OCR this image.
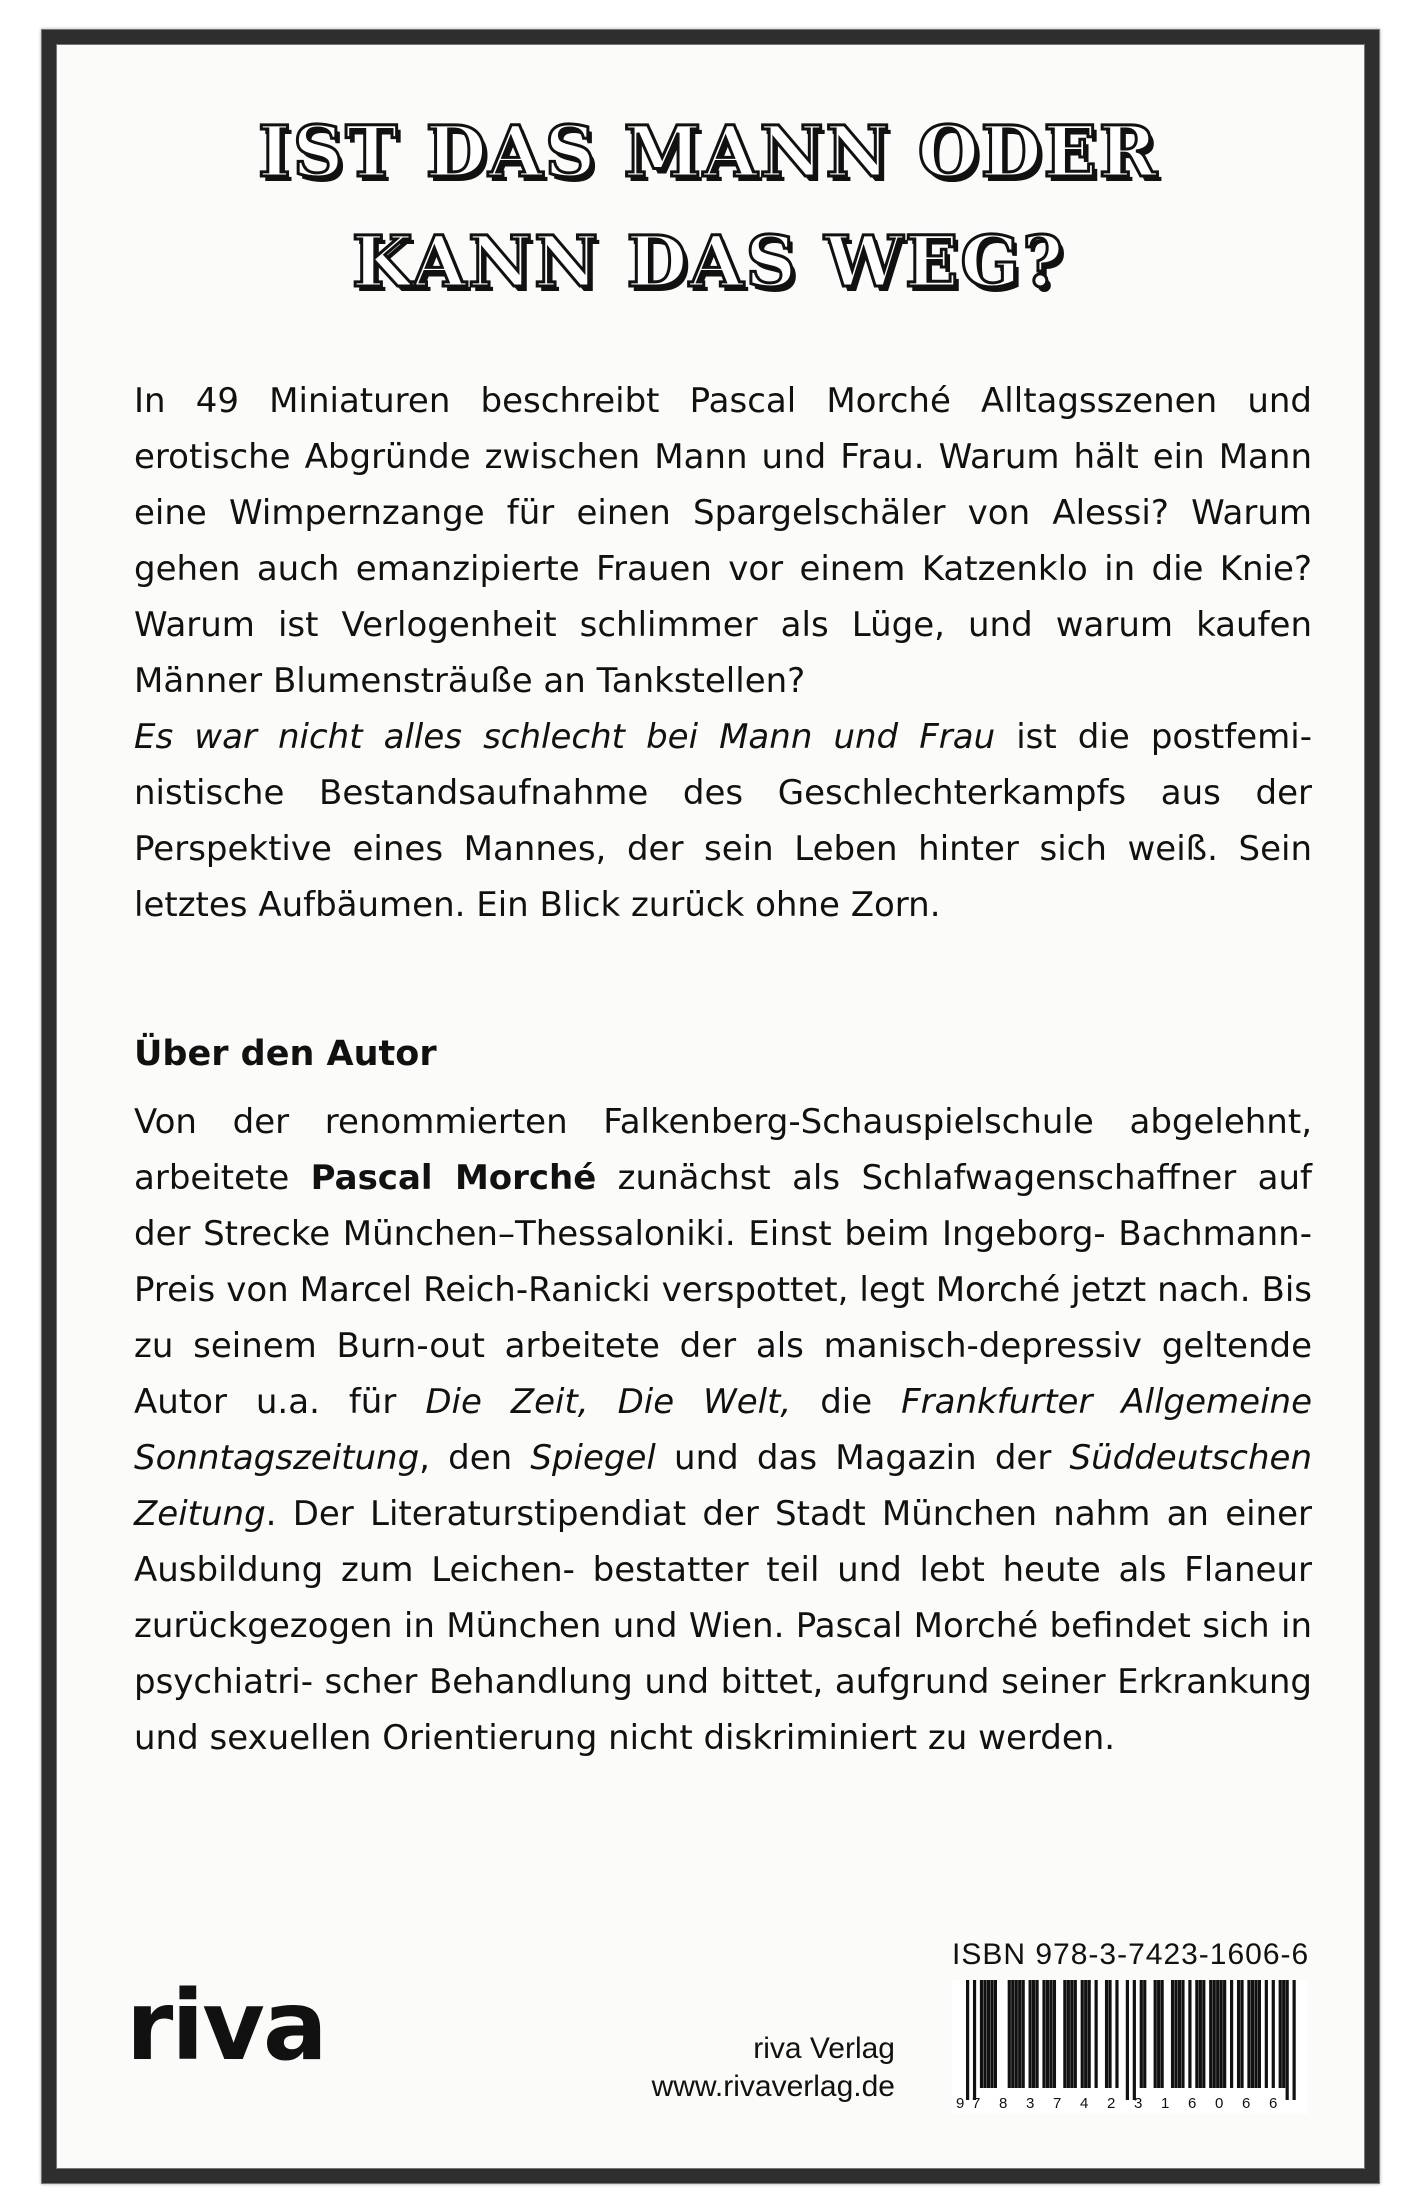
IST DAS MANN ODER
KANN DAS WEG?
In 49 Miniaturen beschreibt Pascal Morché Alltagsszenen und erotische Abgründe zwischen Mann und Frau. Warum hält ein Mann eine Wimpernzange für einen Spargelschäler von Alessi? Warum gehen auch emanzipierte Frauen vor einem Katzenklo in die Knie? Warum ist Verlogenheit schlimmer als Lüge, und warum kaufen Männer Blumensträuße an Tankstellen?
Es war nicht alles schlecht bei Mann und Frau ist die postfemi-nistische Bestandsaufnahme des Geschlechterkampfs aus der Perspektive eines Mannes, der sein Leben hinter sich weiß. Sein letztes Aufbäumen. Ein Blick zurück ohne Zorn.
Über den Autor
Von der renommierten Falkenberg-Schauspielschule abgelehnt, arbeitete Pascal Morché zunächst als Schlafwagenschaffner auf der Strecke München–Thessaloniki. Einst beim Ingeborg- Bachmann-Preis von Marcel Reich-Ranicki verspottet, legt Morché jetzt nach. Bis zu seinem Burn-out arbeitete der als manisch-depressiv geltende Autor u.a. für Die Zeit, Die Welt, die Frankfurter Allgemeine Sonntagszeitung, den Spiegel und das Magazin der Süddeutschen Zeitung. Der Literaturstipendiat der Stadt München nahm an einer Ausbildung zum Leichen- bestatter teil und lebt heute als Flaneur zurückgezogen in München und Wien. Pascal Morché befindet sich in psychiatri- scher Behandlung und bittet, aufgrund seiner Erkrankung und sexuellen Orientierung nicht diskriminiert zu werden.
riva	riva Verlag
www.rivaverlag.de
ISBN 978-3-7423-1606-6
9 7 8 3 7 4 2 3 1 6 0 6 6
